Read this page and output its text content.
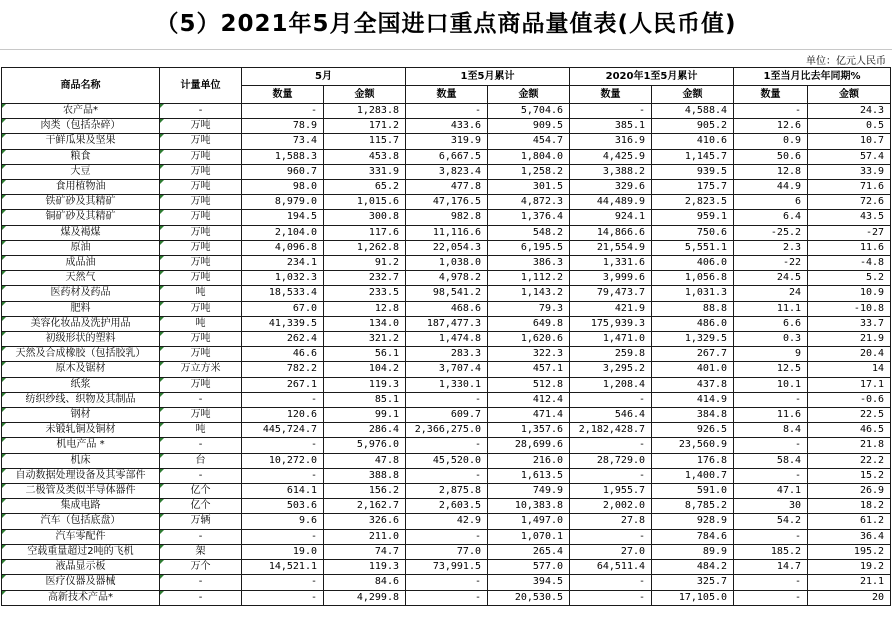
（5）2021年5月全国进口重点商品量值表(人民币值)
单位：亿元人民币
商品名称	计量单位	5月		1至5月累计		2020年1至5月累计		1至当月比去年同期%	
		数量	金额	数量	金额	数量	金额	数量	金额
农产品*	-	-	1,283.8	-	5,704.6	-	4,588.4	-	24.3
肉类（包括杂碎）	万吨	78.9	171.2	433.6	909.5	385.1	905.2	12.6	0.5
干鲜瓜果及坚果	万吨	73.4	115.7	319.9	454.7	316.9	410.6	0.9	10.7
粮食	万吨	1,588.3	453.8	6,667.5	1,804.0	4,425.9	1,145.7	50.6	57.4
大豆	万吨	960.7	331.9	3,823.4	1,258.2	3,388.2	939.5	12.8	33.9
食用植物油	万吨	98.0	65.2	477.8	301.5	329.6	175.7	44.9	71.6
铁矿砂及其精矿	万吨	8,979.0	1,015.6	47,176.5	4,872.3	44,489.9	2,823.5	6	72.6
铜矿砂及其精矿	万吨	194.5	300.8	982.8	1,376.4	924.1	959.1	6.4	43.5
煤及褐煤	万吨	2,104.0	117.6	11,116.6	548.2	14,866.6	750.6	-25.2	-27
原油	万吨	4,096.8	1,262.8	22,054.3	6,195.5	21,554.9	5,551.1	2.3	11.6
成品油	万吨	234.1	91.2	1,038.0	386.3	1,331.6	406.0	-22	-4.8
天然气	万吨	1,032.3	232.7	4,978.2	1,112.2	3,999.6	1,056.8	24.5	5.2
医药材及药品	吨	18,533.4	233.5	98,541.2	1,143.2	79,473.7	1,031.3	24	10.9
肥料	万吨	67.0	12.8	468.6	79.3	421.9	88.8	11.1	-10.8
美容化妆品及洗护用品	吨	41,339.5	134.0	187,477.3	649.8	175,939.3	486.0	6.6	33.7
初级形状的塑料	万吨	262.4	321.2	1,474.8	1,620.6	1,471.0	1,329.5	0.3	21.9
天然及合成橡胶（包括胶乳）	万吨	46.6	56.1	283.3	322.3	259.8	267.7	9	20.4
原木及锯材	万立方米	782.2	104.2	3,707.4	457.1	3,295.2	401.0	12.5	14
纸浆	万吨	267.1	119.3	1,330.1	512.8	1,208.4	437.8	10.1	17.1
纺织纱线、织物及其制品	-	-	85.1	-	412.4	-	414.9	-	-0.6
钢材	万吨	120.6	99.1	609.7	471.4	546.4	384.8	11.6	22.5
未锻轧铜及铜材	吨	445,724.7	286.4	2,366,275.0	1,357.6	2,182,428.7	926.5	8.4	46.5
机电产品 *	-	-	5,976.0	-	28,699.6	-	23,560.9	-	21.8
机床	台	10,272.0	47.8	45,520.0	216.0	28,729.0	176.8	58.4	22.2
自动数据处理设备及其零部件	-	-	388.8	-	1,613.5	-	1,400.7	-	15.2
二极管及类似半导体器件	亿个	614.1	156.2	2,875.8	749.9	1,955.7	591.0	47.1	26.9
集成电路	亿个	503.6	2,162.7	2,603.5	10,383.8	2,002.0	8,785.2	30	18.2
汽车（包括底盘）	万辆	9.6	326.6	42.9	1,497.0	27.8	928.9	54.2	61.2
汽车零配件	-	-	211.0	-	1,070.1	-	784.6	-	36.4
空载重量超过2吨的飞机	架	19.0	74.7	77.0	265.4	27.0	89.9	185.2	195.2
液晶显示板	万个	14,521.1	119.3	73,991.5	577.0	64,511.4	484.2	14.7	19.2
医疗仪器及器械	-	-	84.6	-	394.5	-	325.7	-	21.1
高新技术产品*	-	-	4,299.8	-	20,530.5	-	17,105.0	-	20
